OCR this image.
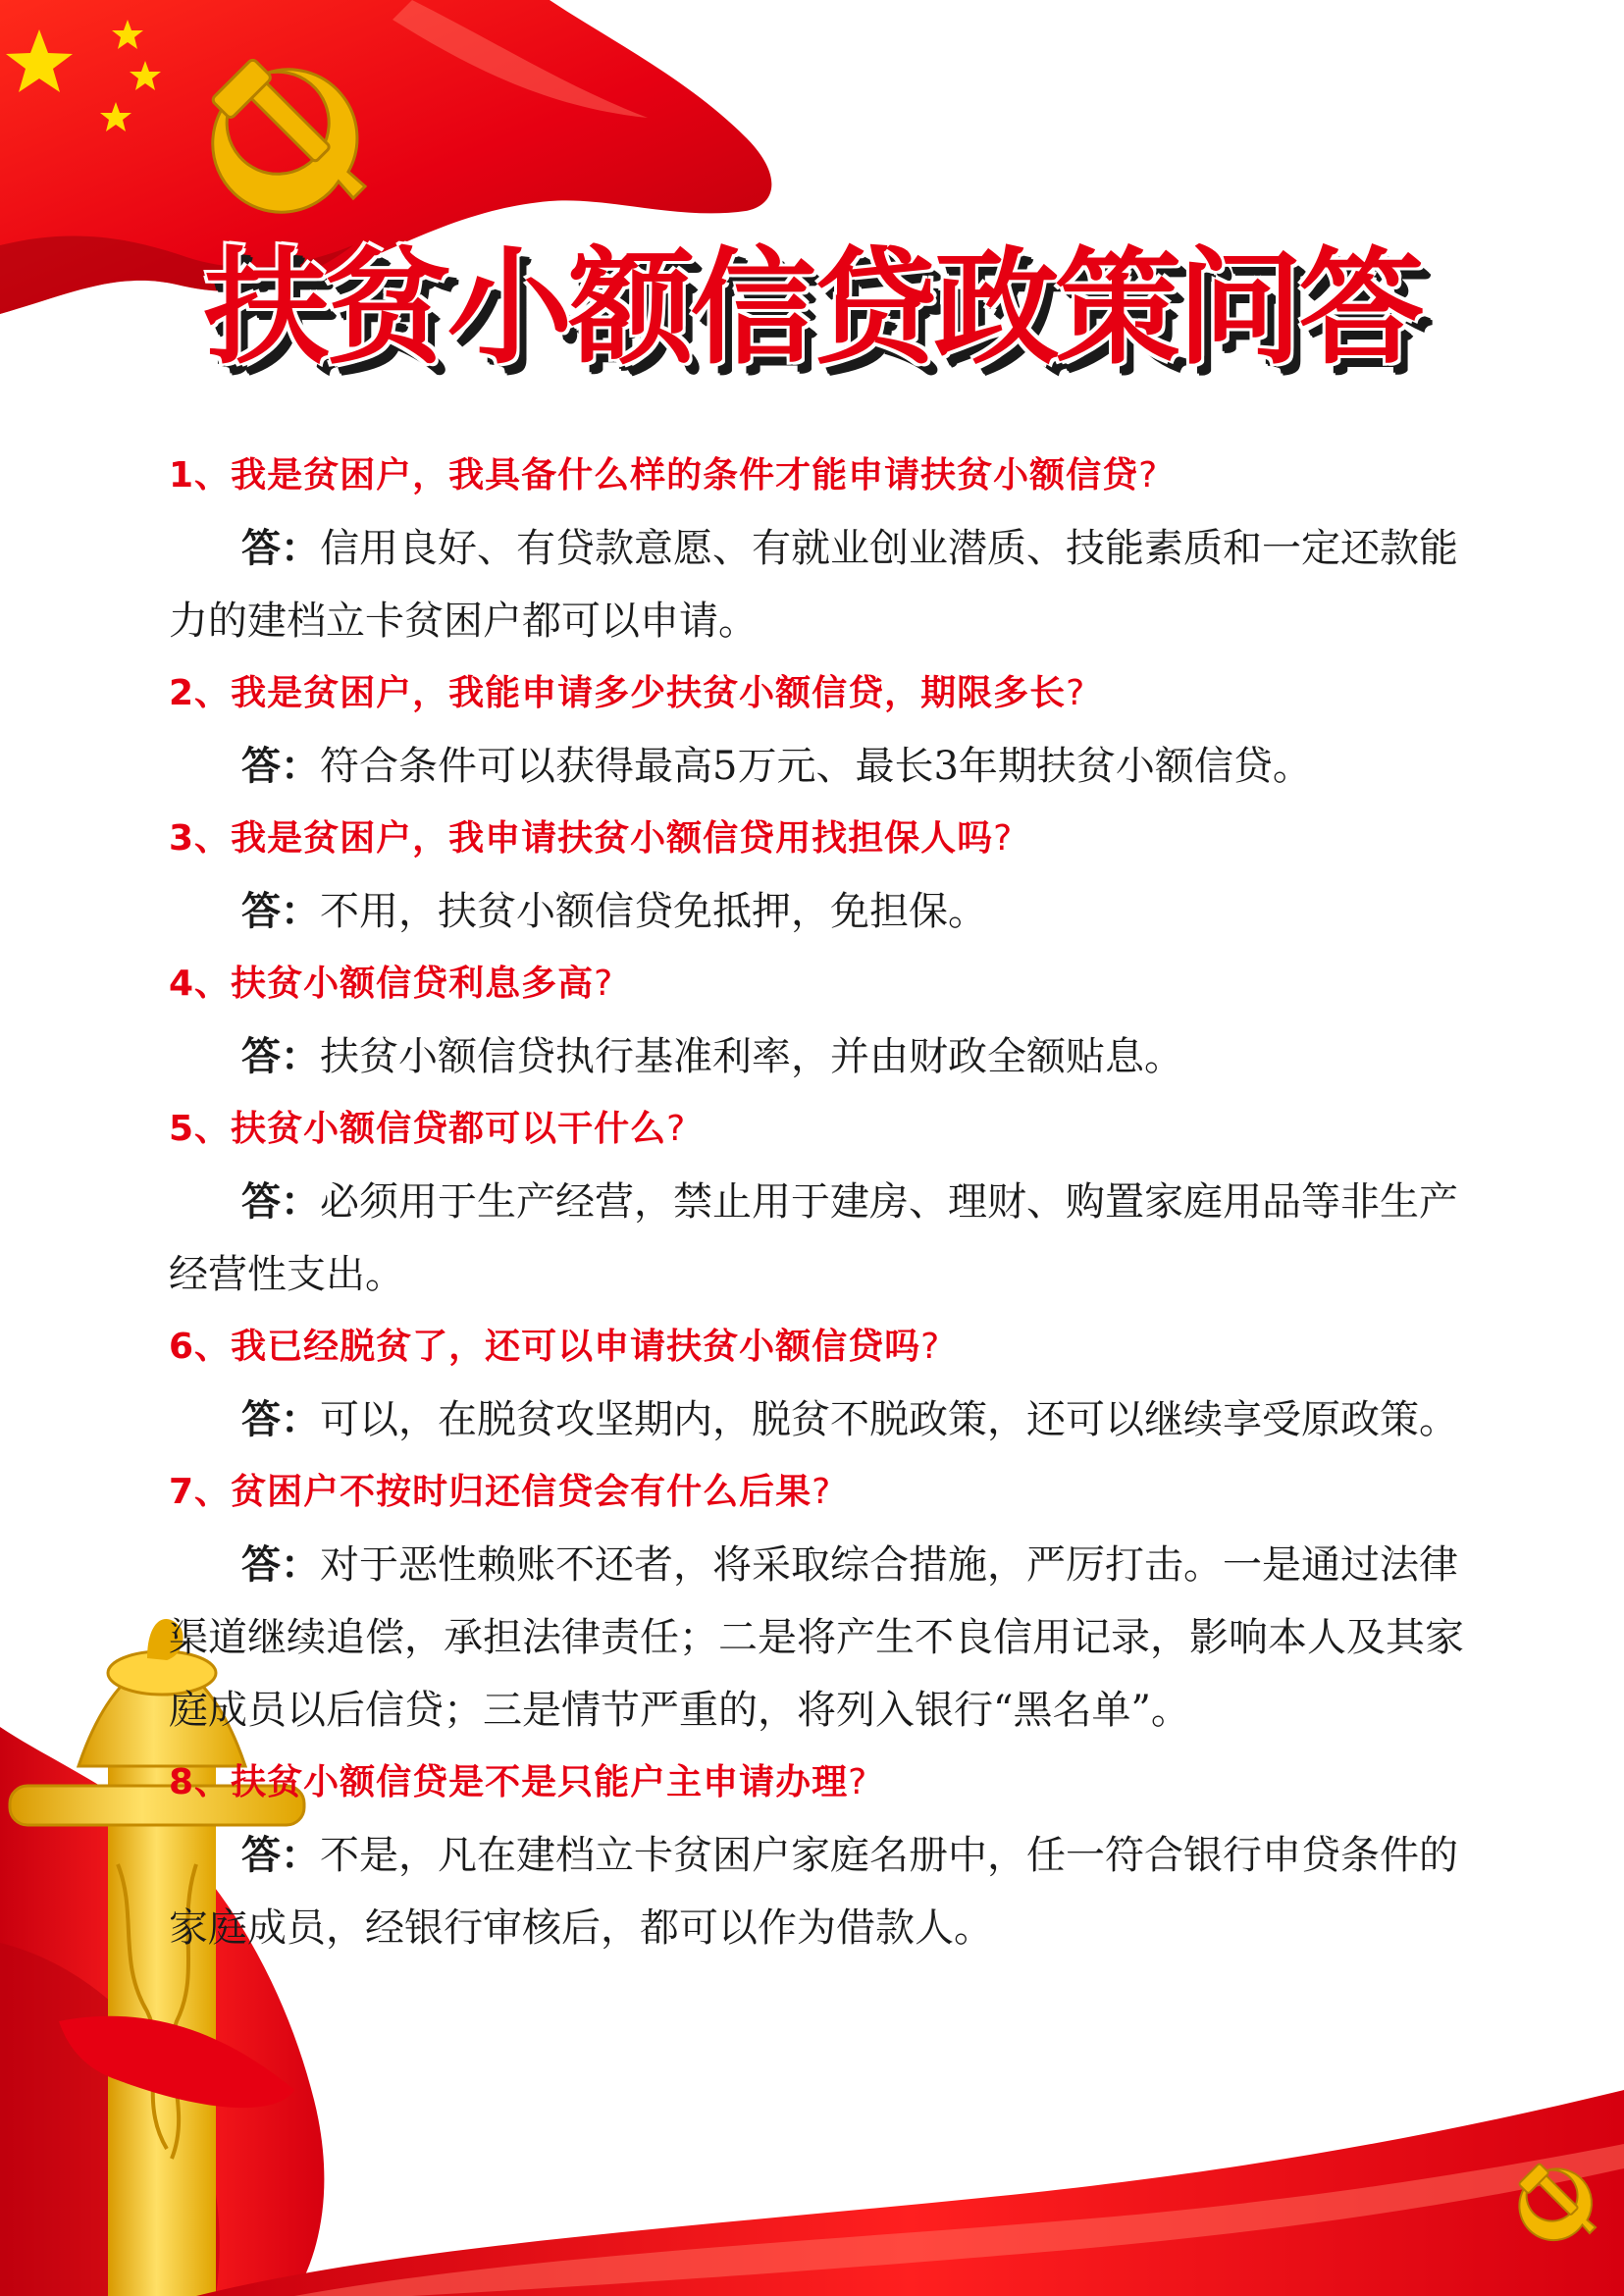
扶贫小额信贷政策问答

1、我是贫困户，我具备什么样的条件才能申请扶贫小额信贷?

答：信用良好、有贷款意愿、有就业创业潜质、技能素质和一定还款能力的建档立卡贫困户都可以申请。

2、我是贫困户，我能申请多少扶贫小额信贷，期限多长?

答：符合条件可以获得最高5万元、最长3年期扶贫小额信贷。

3、我是贫困户，我申请扶贫小额信贷用找担保人吗?

答：不用，扶贫小额信贷免抵押，免担保。

4、扶贫小额信贷利息多高?

答：扶贫小额信贷执行基准利率，并由财政全额贴息。

5、扶贫小额信贷都可以干什么?

答：必须用于生产经营，禁止用于建房、理财、购置家庭用品等非生产经营性支出。

6、我已经脱贫了，还可以申请扶贫小额信贷吗?

答：可以，在脱贫攻坚期内，脱贫不脱政策，还可以继续享受原政策。

7、贫困户不按时归还信贷会有什么后果?

答：对于恶性赖账不还者，将采取综合措施，严厉打击。一是通过法律渠道继续追偿，承担法律责任；二是将产生不良信用记录，影响本人及其家庭成员以后信贷；三是情节严重的，将列入银行“黑名单”。

8、扶贫小额信贷是不是只能户主申请办理?

答：不是，凡在建档立卡贫困户家庭名册中，任一符合银行申贷条件的家庭成员，经银行审核后，都可以作为借款人。
